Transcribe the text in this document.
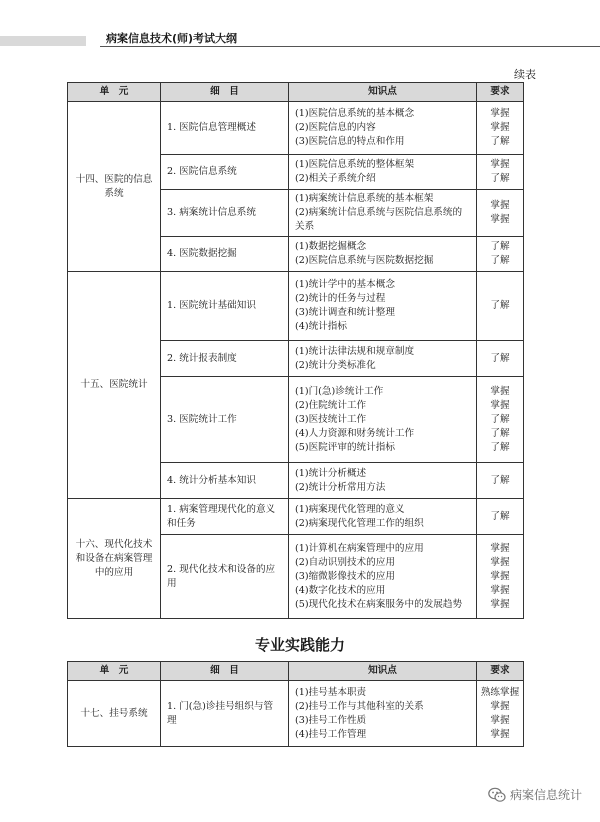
病案信息技术(师)考试大纲
续表
单　元	细　目	知识点	要求
十四、医院的信息系统	1. 医院信息管理概述	(1)医院信息系统的基本概念
(2)医院信息的内容
(3)医院信息的特点和作用	掌握
掌握
了解

	2. 医院信息系统	(1)医院信息系统的整体框架
(2)相关子系统介绍	掌握
了解

	3. 病案统计信息系统	(1)病案统计信息系统的基本框架
(2)病案统计信息系统与医院信息系统的
关系	掌握
掌握

	4. 医院数据挖掘	(1)数据挖掘概念
(2)医院信息系统与医院数据挖掘	了解
了解

十五、医院统计	1. 医院统计基础知识	(1)统计学中的基本概念
(2)统计的任务与过程
(3)统计调查和统计整理
(4)统计指标	了解

	2. 统计报表制度	(1)统计法律法规和规章制度
(2)统计分类标准化	了解

	3. 医院统计工作	(1)门(急)诊统计工作
(2)住院统计工作
(3)医技统计工作
(4)人力资源和财务统计工作
(5)医院评审的统计指标	掌握
掌握
了解
了解
了解

	4. 统计分析基本知识	(1)统计分析概述
(2)统计分析常用方法	了解

十六、现代化技术和设备在病案管理中的应用	1. 病案管理现代化的意义和任务	(1)病案现代化管理的意义
(2)病案现代化管理工作的组织	了解

	2. 现代化技术和设备的应用	(1)计算机在病案管理中的应用
(2)自动识别技术的应用
(3)缩微影像技术的应用
(4)数字化技术的应用
(5)现代化技术在病案服务中的发展趋势	掌握
掌握
掌握
掌握
掌握
专业实践能力
单　元	细　目	知识点	要求
十七、挂号系统	1. 门(急)诊挂号组织与管理	(1)挂号基本职责
(2)挂号工作与其他科室的关系
(3)挂号工作性质
(4)挂号工作管理	熟练掌握
掌握
掌握
掌握
病案信息统计
